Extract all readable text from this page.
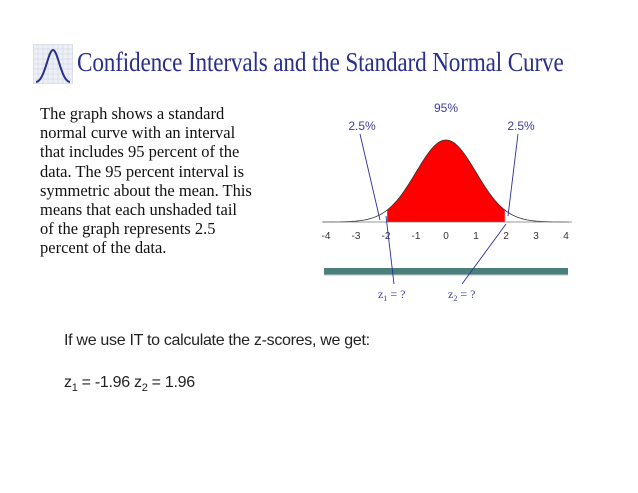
Confidence Intervals and the Standard Normal Curve
The graph shows a standard
normal curve with an interval
that includes 95 percent of the
data. The 95 percent interval is
symmetric about the mean. This
means that each unshaded tail
of the graph represents 2.5
percent of the data.
-4 -3 -2 -1 0 1 2 3 4
95%
2.5%	2.5%
$z_1$ = ?	$z_2$ = ?
If we use IT to calculate the z-scores, we get:
$z_1 = -1.96$ $z_2 = 1.96$
